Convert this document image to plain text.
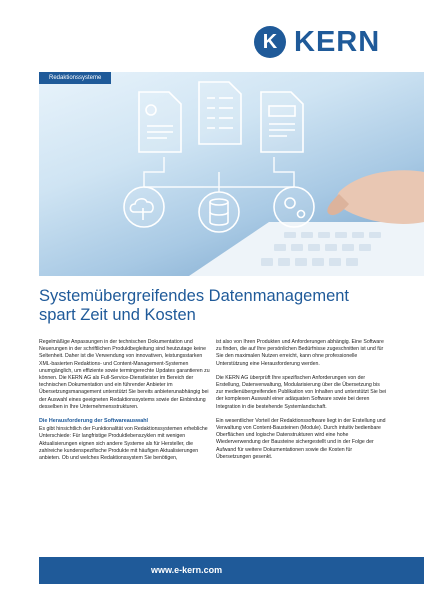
K KERN
Redaktionssysteme
Systemübergreifendes Datenmanagement
spart Zeit und Kosten

Regelmäßige Anpassungen in der technischen Dokumentation und Neuerungen in der schriftlichen Produktbegleitung sind heutzutage keine Seltenheit. Daher ist die Verwendung von innovativen, leistungsstarken XML-basierten Redaktions- und Content-Management-Systemen unumgänglich, um effiziente sowie termingerechte Updates garantieren zu können. Die KERN AG als Full-Service-Dienstleister im Bereich der technischen Dokumentation und ein führender Anbieter im Übersetzungsmanagement unterstützt Sie bereits anbieterunabhängig bei der Auswahl eines geeigneten Redaktionssystems sowie der Einbindung desselben in Ihre Unternehmensstrukturen.

Die Herausforderung der Softwareauswahl

Es gibt hinsichtlich der Funktionalität von Redaktionssystemen erhebliche Unterschiede: Für langfristige Produktlebenszyklen mit wenigen Aktualisierungen eignen sich andere Systeme als für Hersteller, die zahlreiche kundenspezifische Produkte mit häufigen Aktualisierungen anbieten. Ob und welches Redaktionssystem Sie benötigen,

ist also von Ihren Produkten und Anforderungen abhängig. Eine Software zu finden, die auf Ihre persönlichen Bedürfnisse zugeschnitten ist und für Sie den maximalen Nutzen erreicht, kann ohne professionelle Unterstützung eine Herausforderung werden.

Die KERN AG überprüft Ihre spezifischen Anforderungen von der Erstellung, Datenverwaltung, Modularisierung über die Übersetzung bis zur medienübergreifenden Publikation von Inhalten und unterstützt Sie bei der komplexen Auswahl einer adäquaten Software sowie bei deren Integration in die bestehende Systemlandschaft.

Ein wesentlicher Vorteil der Redaktionssoftware liegt in der Erstellung und Verwaltung von Content-Bausteinen (Module). Durch intuitiv bedienbare Oberflächen und logische Datenstrukturen wird eine hohe Wiederverwendung der Bausteine sichergestellt und in der Folge der Aufwand für weitere Dokumentationen sowie die Kosten für Übersetzungen gesenkt.

www.e-kern.com
